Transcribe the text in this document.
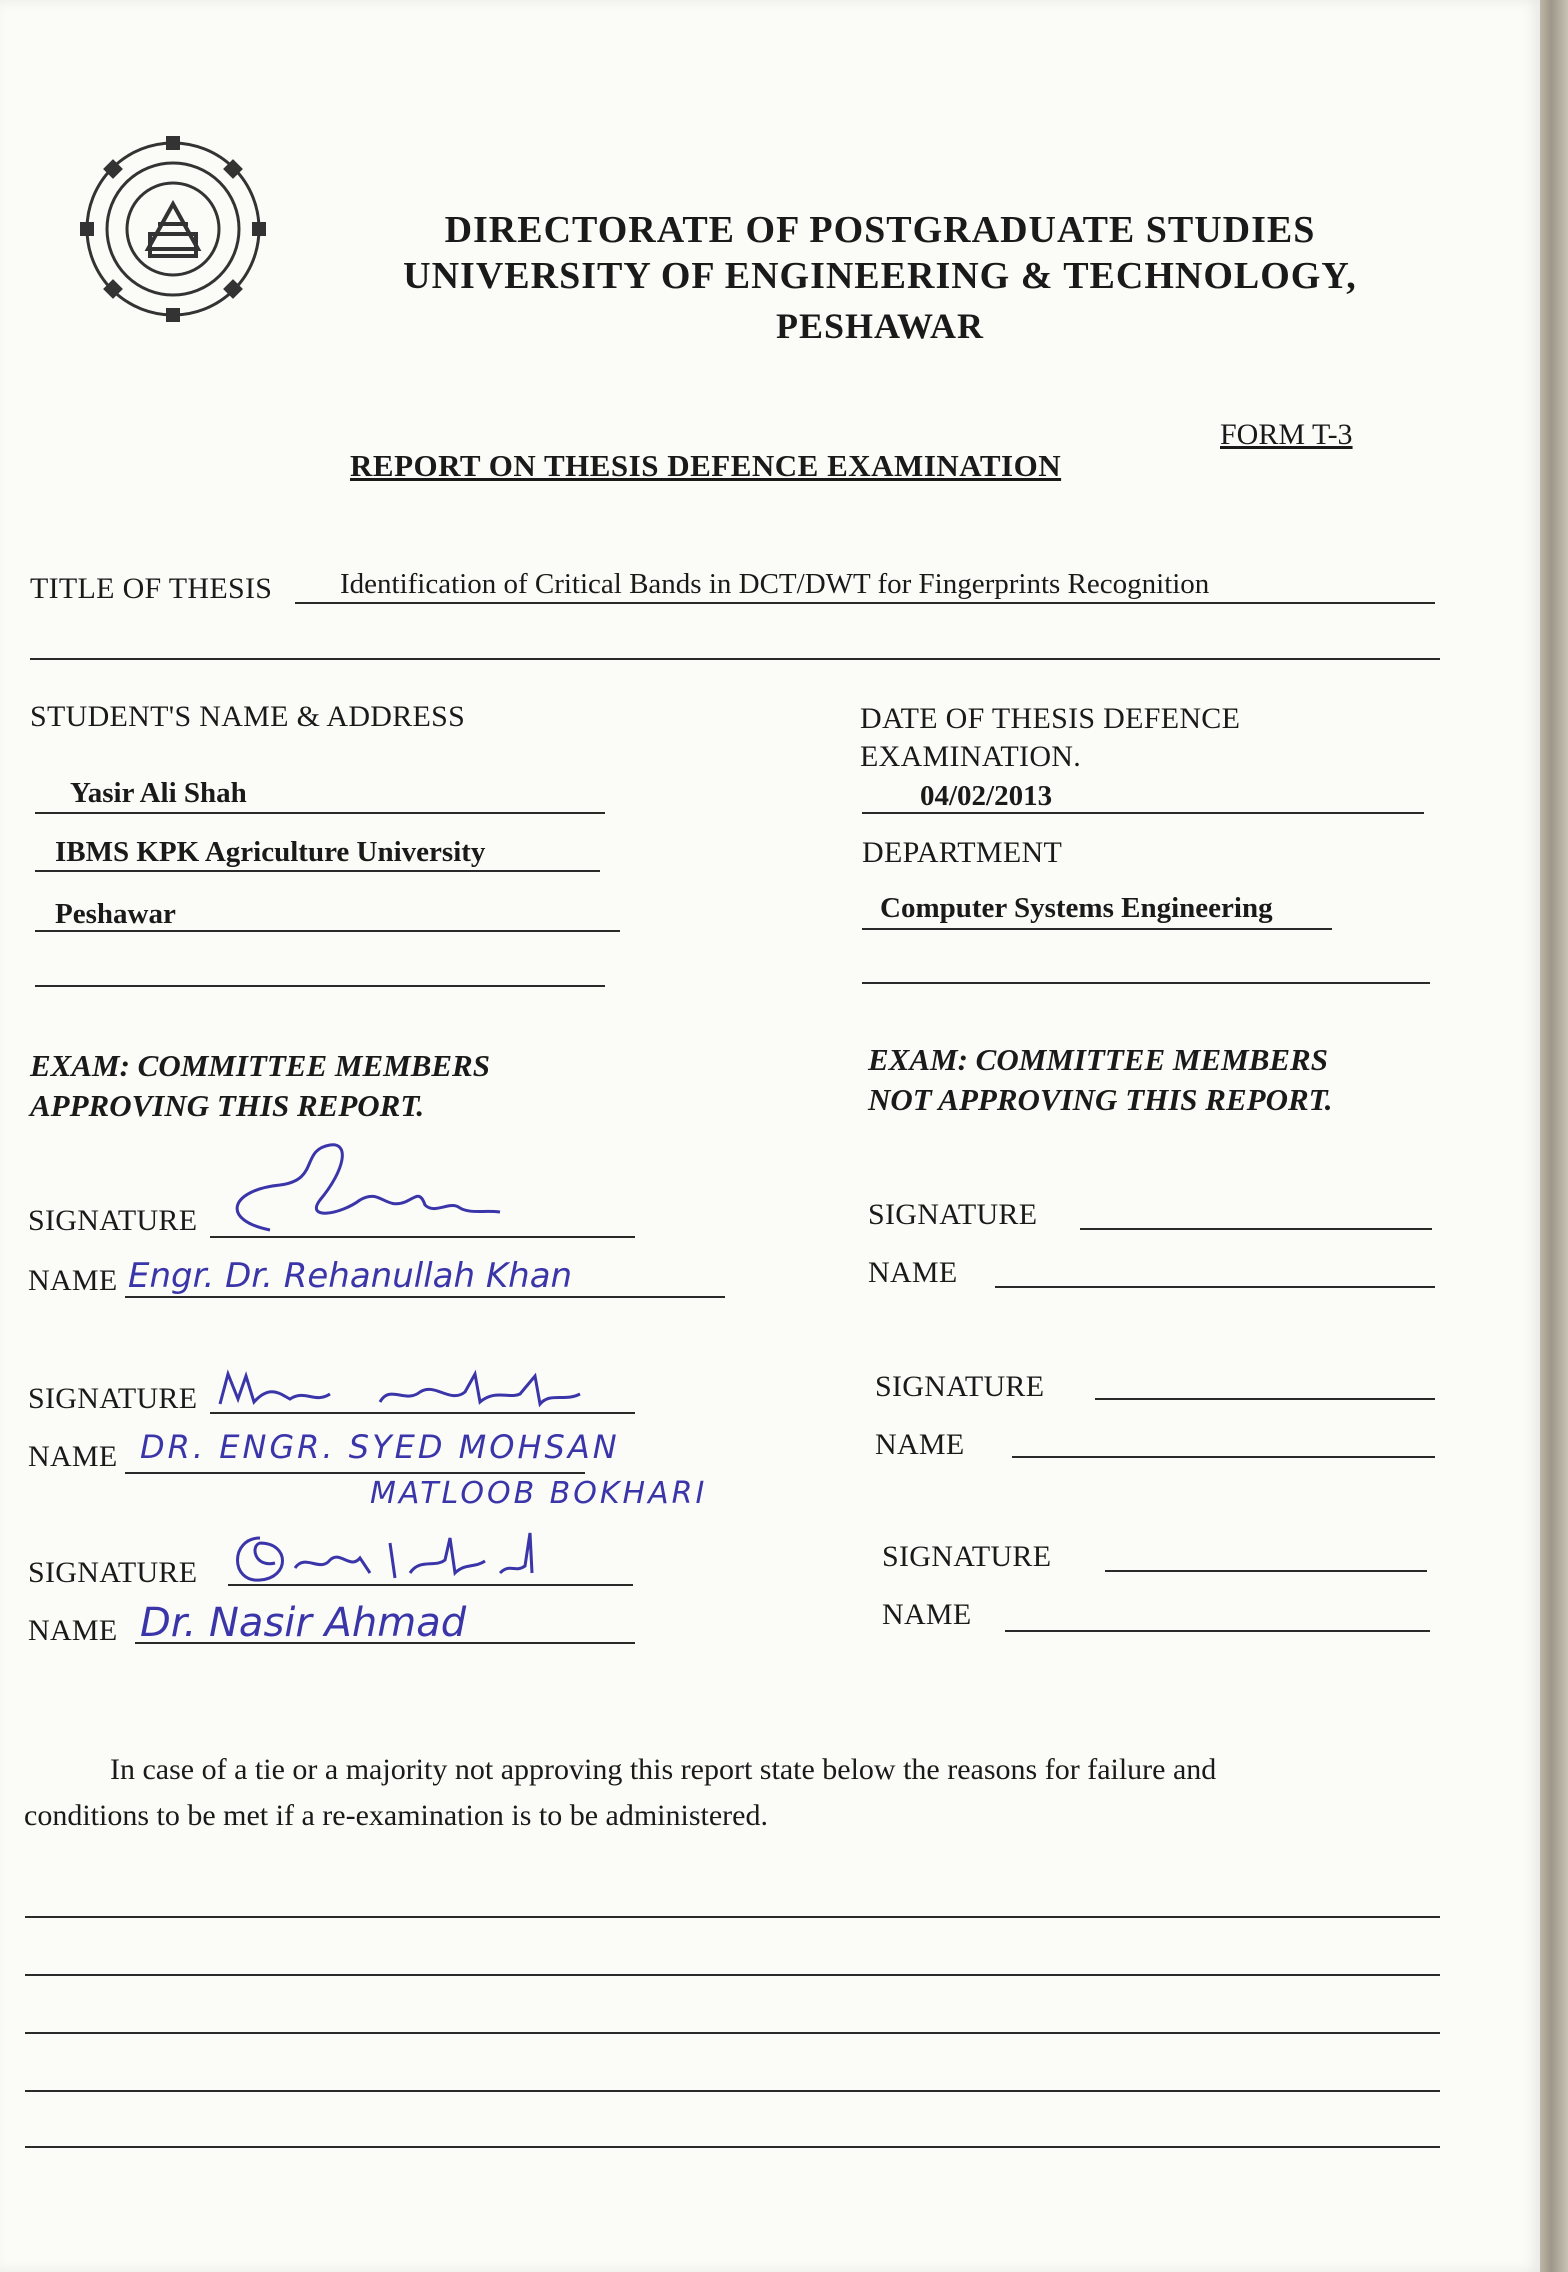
DIRECTORATE OF POSTGRADUATE STUDIES
UNIVERSITY OF ENGINEERING & TECHNOLOGY,
PESHAWAR
FORM T-3
REPORT ON THESIS DEFENCE EXAMINATION
TITLE OF THESIS Identification of Critical Bands in DCT/DWT for Fingerprints Recognition
STUDENT'S NAME & ADDRESS
Yasir Ali Shah
IBMS KPK Agriculture University
Peshawar
DATE OF THESIS DEFENCE
EXAMINATION.
04/02/2013
DEPARTMENT
Computer Systems Engineering
EXAM: COMMITTEE MEMBERS
APPROVING THIS REPORT.
EXAM: COMMITTEE MEMBERS
NOT APPROVING THIS REPORT.
SIGNATURE
NAME Engr. Dr. Rehanullah Khan
SIGNATURE
NAME DR. ENGR. SYED MOHSAN
MATLOOB BOKHARI
SIGNATURE
NAME Dr. Nasir Ahmad
SIGNATURE
NAME
SIGNATURE
NAME
SIGNATURE
NAME
In case of a tie or a majority not approving this report state below the reasons for failure and
conditions to be met if a re-examination is to be administered.
